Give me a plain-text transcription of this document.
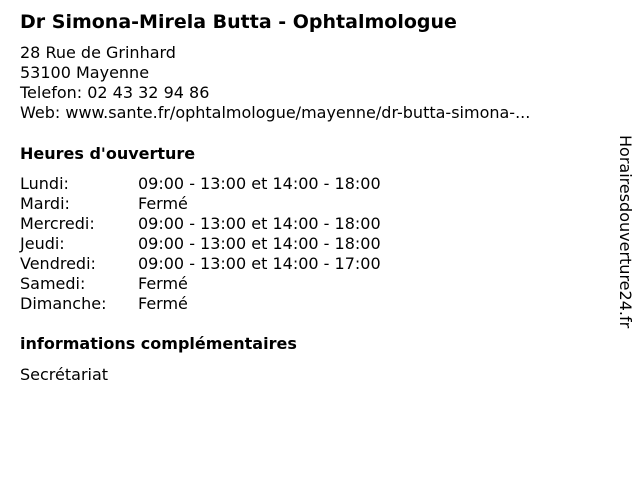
Dr Simona-Mirela Butta - Ophtalmologue
28 Rue de Grinhard
53100 Mayenne
Telefon: 02 43 32 94 86
Web: www.sante.fr/ophtalmologue/mayenne/dr-butta-simona-...
Heures d'ouverture
Lundi:	09:00 - 13:00 et 14:00 - 18:00
Mardi:	Fermé
Mercredi:	09:00 - 13:00 et 14:00 - 18:00
Jeudi:	09:00 - 13:00 et 14:00 - 18:00
Vendredi:	09:00 - 13:00 et 14:00 - 17:00
Samedi:	Fermé
Dimanche:	Fermé
informations complémentaires
Secrétariat
Horairesdouverture24.fr
